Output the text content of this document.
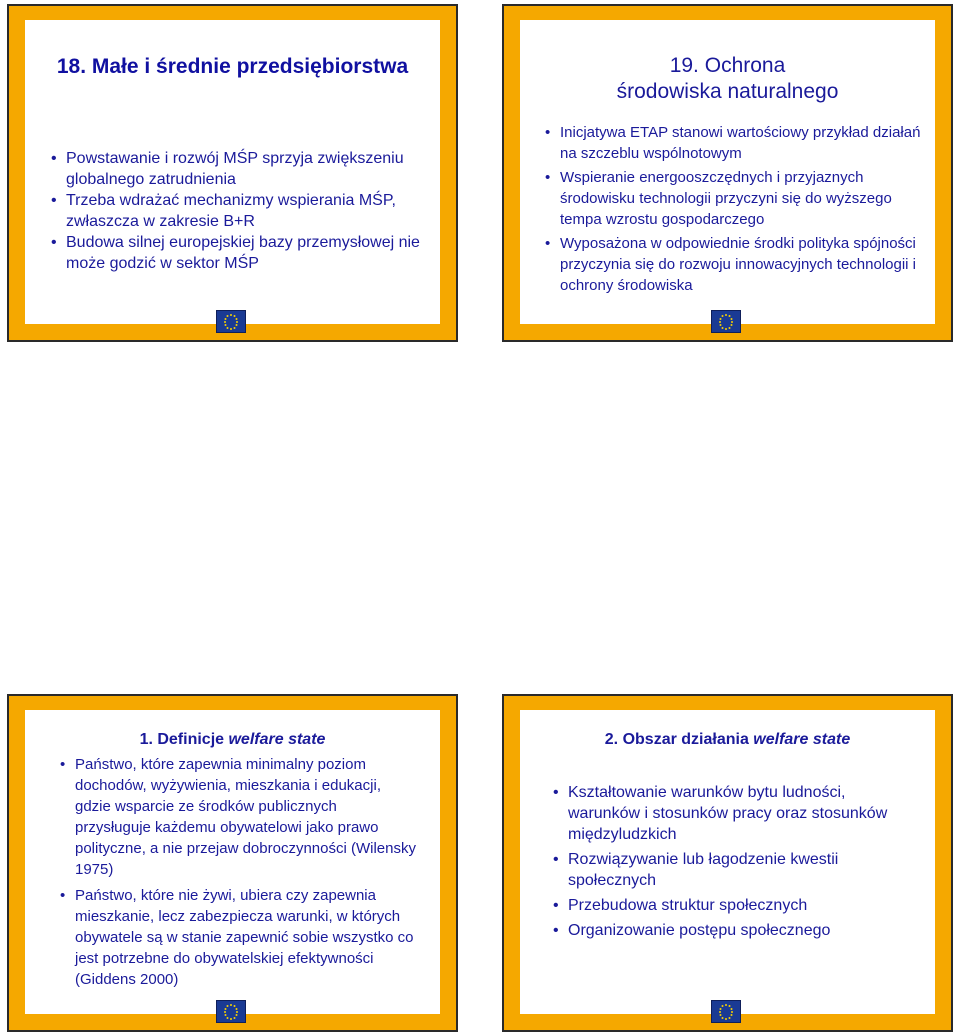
18. Małe i średnie przedsiębiorstwa
• Powstawanie i rozwój MŚP sprzyja zwiększeniu globalnego zatrudnienia
• Trzeba wdrażać mechanizmy wspierania MŚP, zwłaszcza w zakresie B+R
• Budowa silnej europejskiej bazy przemysłowej nie może godzić w sektor MŚP
19. Ochrona środowiska naturalnego
• Inicjatywa ETAP stanowi wartościowy przykład działań na szczeblu wspólnotowym
• Wspieranie energooszczędnych i przyjaznych środowisku technologii przyczyni się do wyższego tempa wzrostu gospodarczego
• Wyposażona w odpowiednie środki polityka spójności przyczynia się do rozwoju innowacyjnych technologii i ochrony środowiska
1. Definicje welfare state
• Państwo, które zapewnia minimalny poziom dochodów, wyżywienia, mieszkania i edukacji, gdzie wsparcie ze środków publicznych przysługuje każdemu obywatelowi jako prawo polityczne, a nie przejaw dobroczynności (Wilensky 1975)
• Państwo, które nie żywi, ubiera czy zapewnia mieszkanie, lecz zabezpiecza warunki, w których obywatele są w stanie zapewnić sobie wszystko co jest potrzebne do obywatelskiej efektywności (Giddens 2000)
2. Obszar działania welfare state
• Kształtowanie warunków bytu ludności, warunków i stosunków pracy oraz stosunków międzyludzkich
• Rozwiązywanie lub łagodzenie kwestii społecznych
• Przebudowa struktur społecznych
• Organizowanie postępu społecznego
